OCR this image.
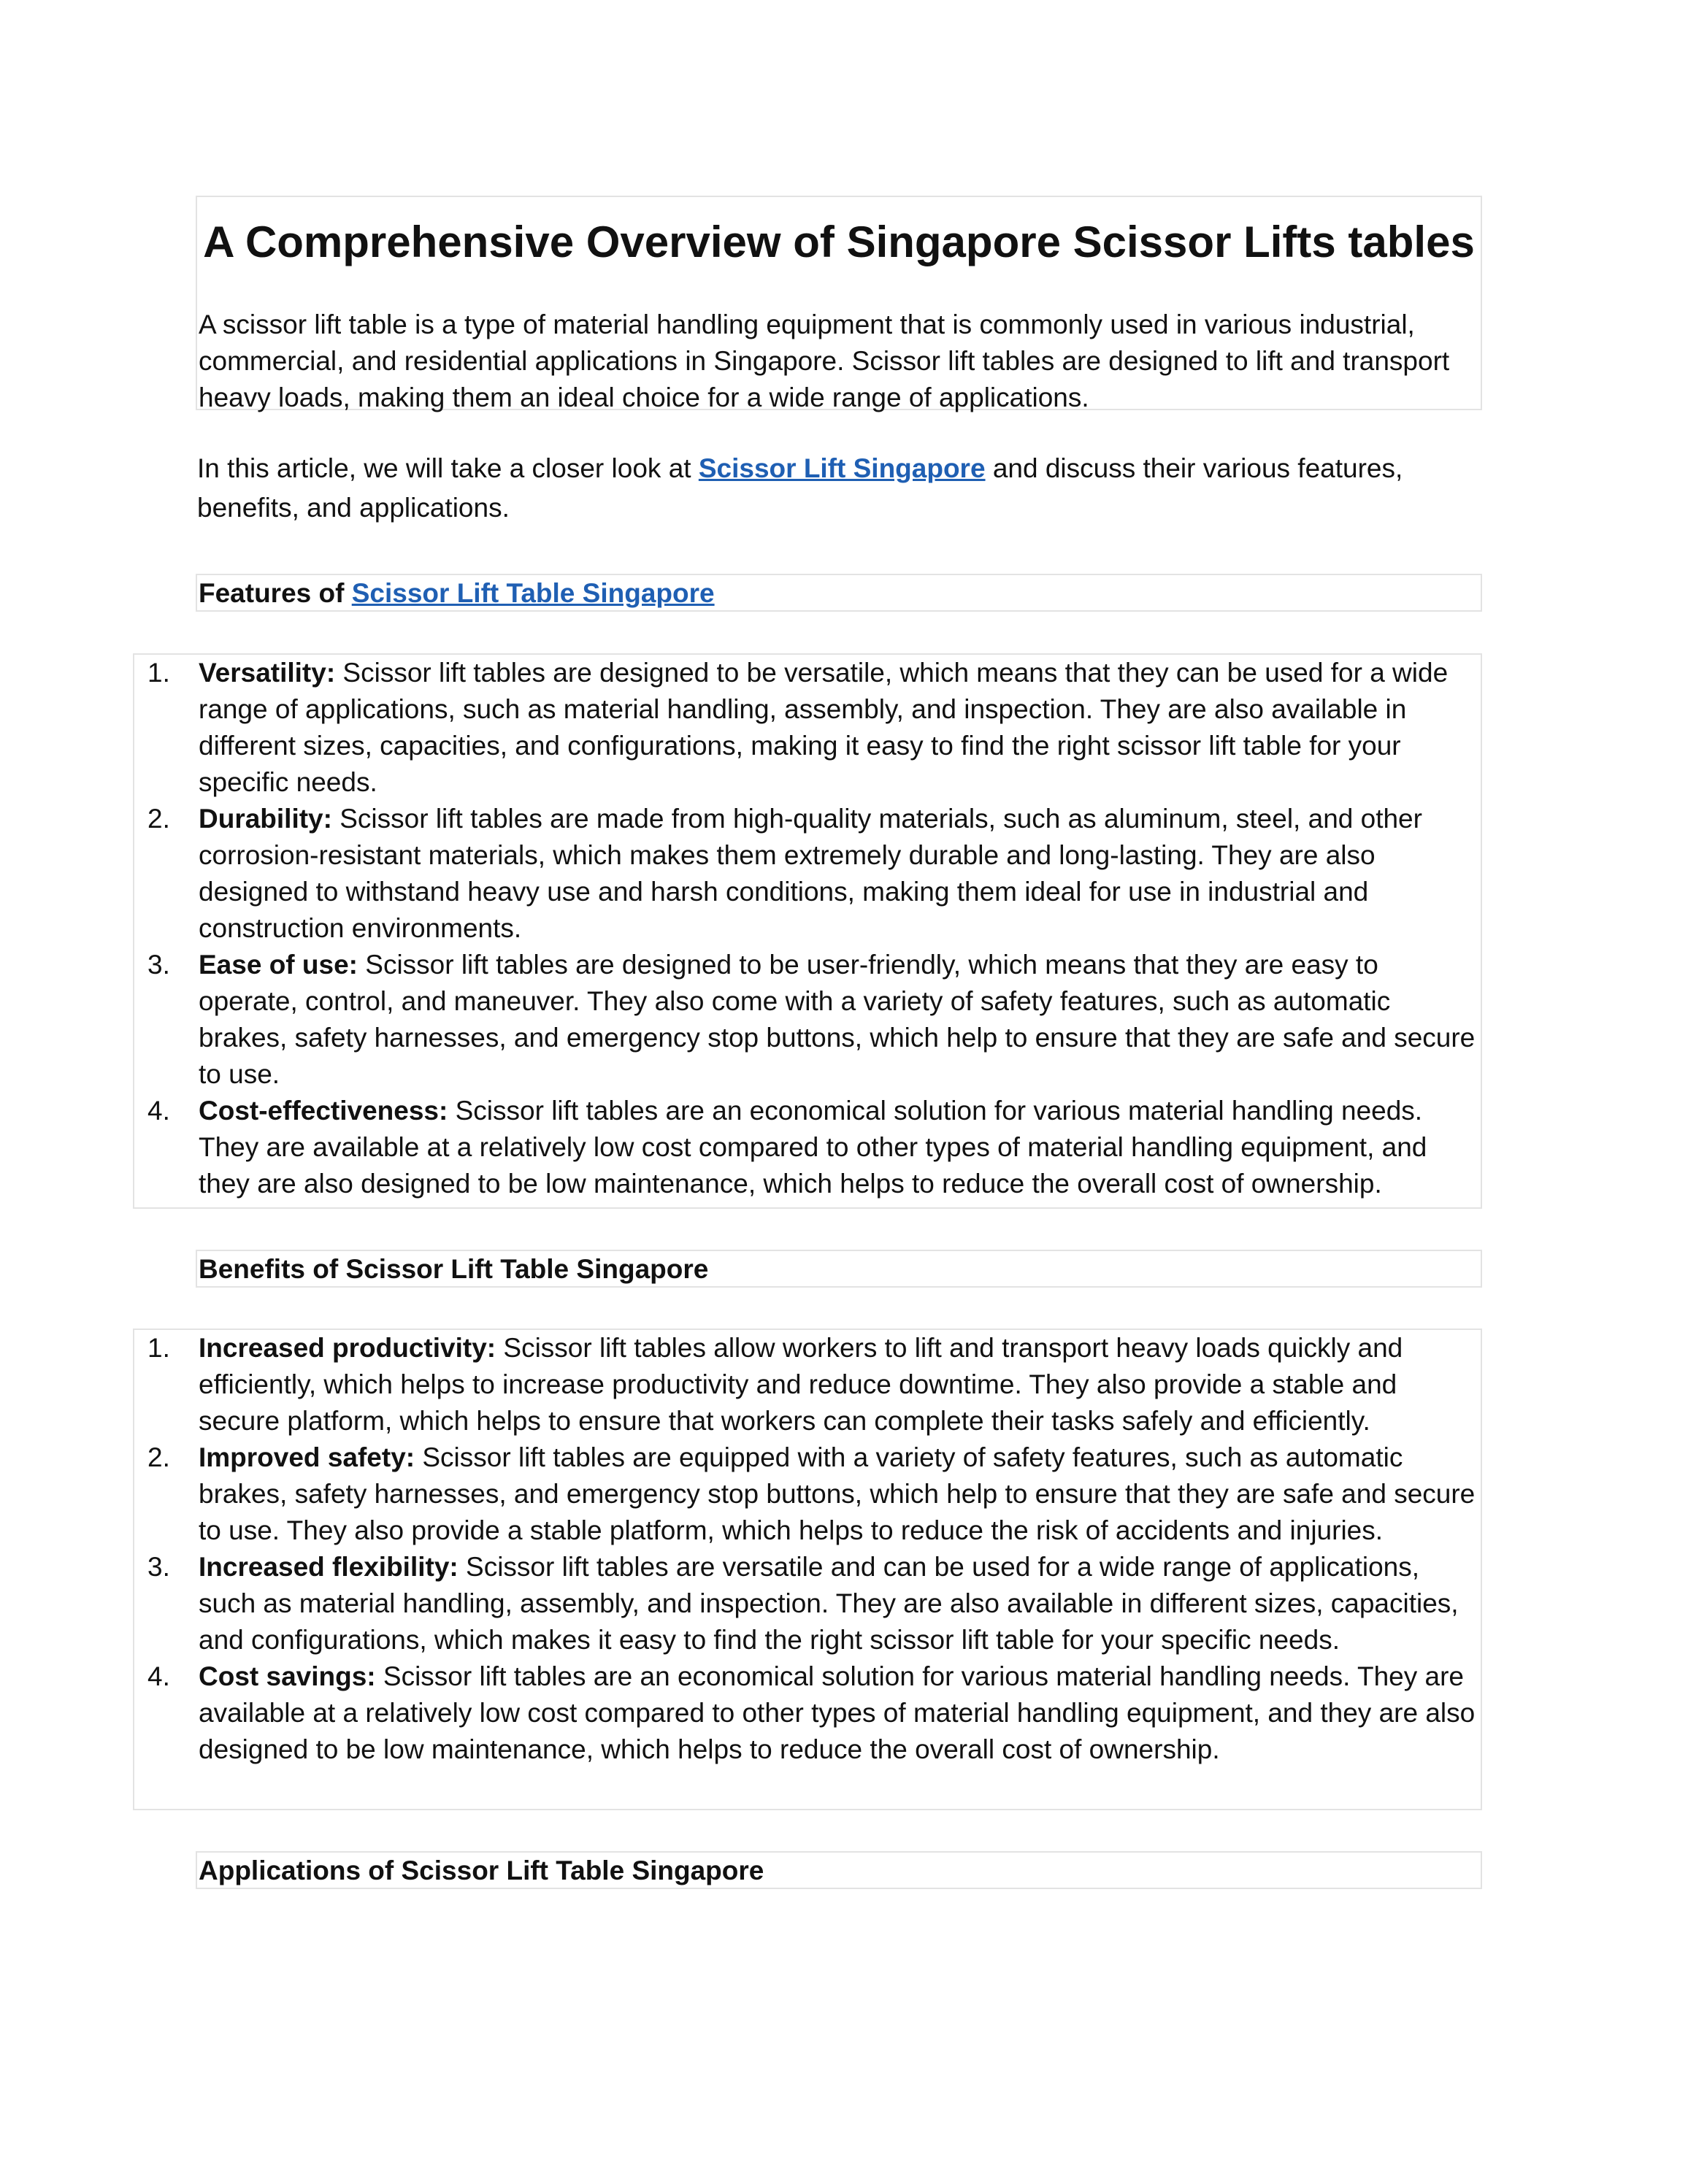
A Comprehensive Overview of Singapore Scissor Lifts tables

A scissor lift table is a type of material handling equipment that is commonly used in various industrial, commercial, and residential applications in Singapore. Scissor lift tables are designed to lift and transport heavy loads, making them an ideal choice for a wide range of applications.

In this article, we will take a closer look at Scissor Lift Singapore and discuss their various features, benefits, and applications.

Features of Scissor Lift Table Singapore
1. Versatility: Scissor lift tables are designed to be versatile, which means that they can be used for a wide range of applications, such as material handling, assembly, and inspection. They are also available in different sizes, capacities, and configurations, making it easy to find the right scissor lift table for your specific needs.
2. Durability: Scissor lift tables are made from high-quality materials, such as aluminum, steel, and other corrosion-resistant materials, which makes them extremely durable and long-lasting. They are also designed to withstand heavy use and harsh conditions, making them ideal for use in industrial and construction environments.
3. Ease of use: Scissor lift tables are designed to be user-friendly, which means that they are easy to operate, control, and maneuver. They also come with a variety of safety features, such as automatic brakes, safety harnesses, and emergency stop buttons, which help to ensure that they are safe and secure to use.
4. Cost-effectiveness: Scissor lift tables are an economical solution for various material handling needs. They are available at a relatively low cost compared to other types of material handling equipment, and they are also designed to be low maintenance, which helps to reduce the overall cost of ownership.
Benefits of Scissor Lift Table Singapore
1. Increased productivity: Scissor lift tables allow workers to lift and transport heavy loads quickly and efficiently, which helps to increase productivity and reduce downtime. They also provide a stable and secure platform, which helps to ensure that workers can complete their tasks safely and efficiently.
2. Improved safety: Scissor lift tables are equipped with a variety of safety features, such as automatic brakes, safety harnesses, and emergency stop buttons, which help to ensure that they are safe and secure to use. They also provide a stable platform, which helps to reduce the risk of accidents and injuries.
3. Increased flexibility: Scissor lift tables are versatile and can be used for a wide range of applications, such as material handling, assembly, and inspection. They are also available in different sizes, capacities, and configurations, which makes it easy to find the right scissor lift table for your specific needs.
4. Cost savings: Scissor lift tables are an economical solution for various material handling needs. They are available at a relatively low cost compared to other types of material handling equipment, and they are also designed to be low maintenance, which helps to reduce the overall cost of ownership.
Applications of Scissor Lift Table Singapore
